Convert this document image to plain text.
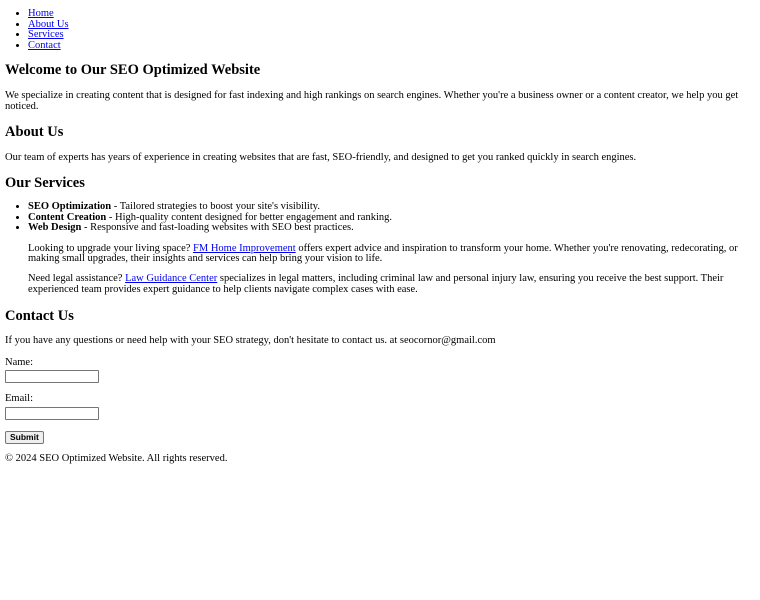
• Home
• About Us
• Services
• Contact
Welcome to Our SEO Optimized Website

We specialize in creating content that is designed for fast indexing and high rankings on search engines. Whether you're a business owner or a content creator, we help you get noticed.

About Us

Our team of experts has years of experience in creating websites that are fast, SEO-friendly, and designed to get you ranked quickly in search engines.

Our Services
• SEO Optimization - Tailored strategies to boost your site's visibility.
• Content Creation - High-quality content designed for better engagement and ranking.
• Web Design - Responsive and fast-loading websites with SEO best practices.

Looking to upgrade your living space? FM Home Improvement offers expert advice and inspiration to transform your home. Whether you're renovating, redecorating, or making small upgrades, their insights and services can help bring your vision to life.

Need legal assistance? Law Guidance Center specializes in legal matters, including criminal law and personal injury law, ensuring you receive the best support. Their experienced team provides expert guidance to help clients navigate complex cases with ease.

Contact Us

If you have any questions or need help with your SEO strategy, don't hesitate to contact us. at seocornor@gmail.com

Name:
Email:
Submit

© 2024 SEO Optimized Website. All rights reserved.
